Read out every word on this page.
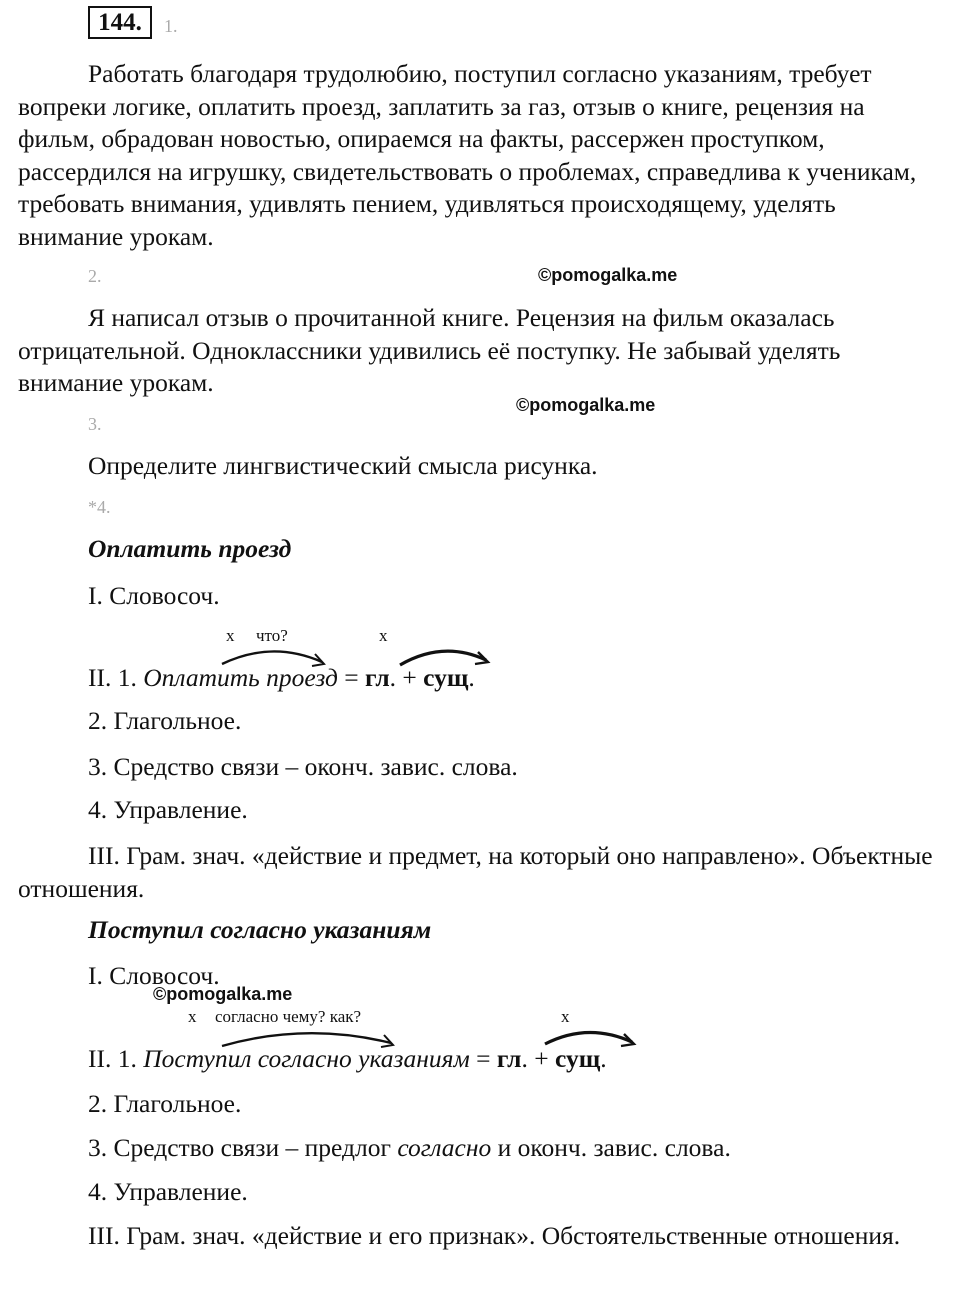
144.	1.
Работать благодаря трудолюбию, поступил согласно указаниям, требует вопреки логике, оплатить проезд, заплатить за газ, отзыв о книге, рецензия на фильм, обрадован новостью, опираемся на факты, рассержен проступком, рассердился на игрушку, свидетельствовать о проблемах, справедлива к ученикам, требовать внимания, удивлять пением, удивляться происходящему, уделять внимание урокам.
2.	©pomogalka.me
Я написал отзыв о прочитанной книге. Рецензия на фильм оказалась отрицательной. Одноклассники удивились её поступку. Не забывай уделять внимание урокам.
©pomogalka.me
3.
Определите лингвистический смысла рисунка.
*4.
Оплатить проезд
I. Словосоч.
x что?	x
II. 1. Оплатить проезд = гл. + сущ.
2. Глагольное.
3. Средство связи – оконч. завис. слова.
4. Управление.
III. Грам. знач. «действие и предмет, на который оно направлено». Объектные отношения.
Поступил согласно указаниям
I. Словосоч.
©pomogalka.me
x согласно чему? как?	x
II. 1. Поступил согласно указаниям = гл. + сущ.
2. Глагольное.
3. Средство связи – предлог согласно и оконч. завис. слова.
4. Управление.
III. Грам. знач. «действие и его признак». Обстоятельственные отношения.
